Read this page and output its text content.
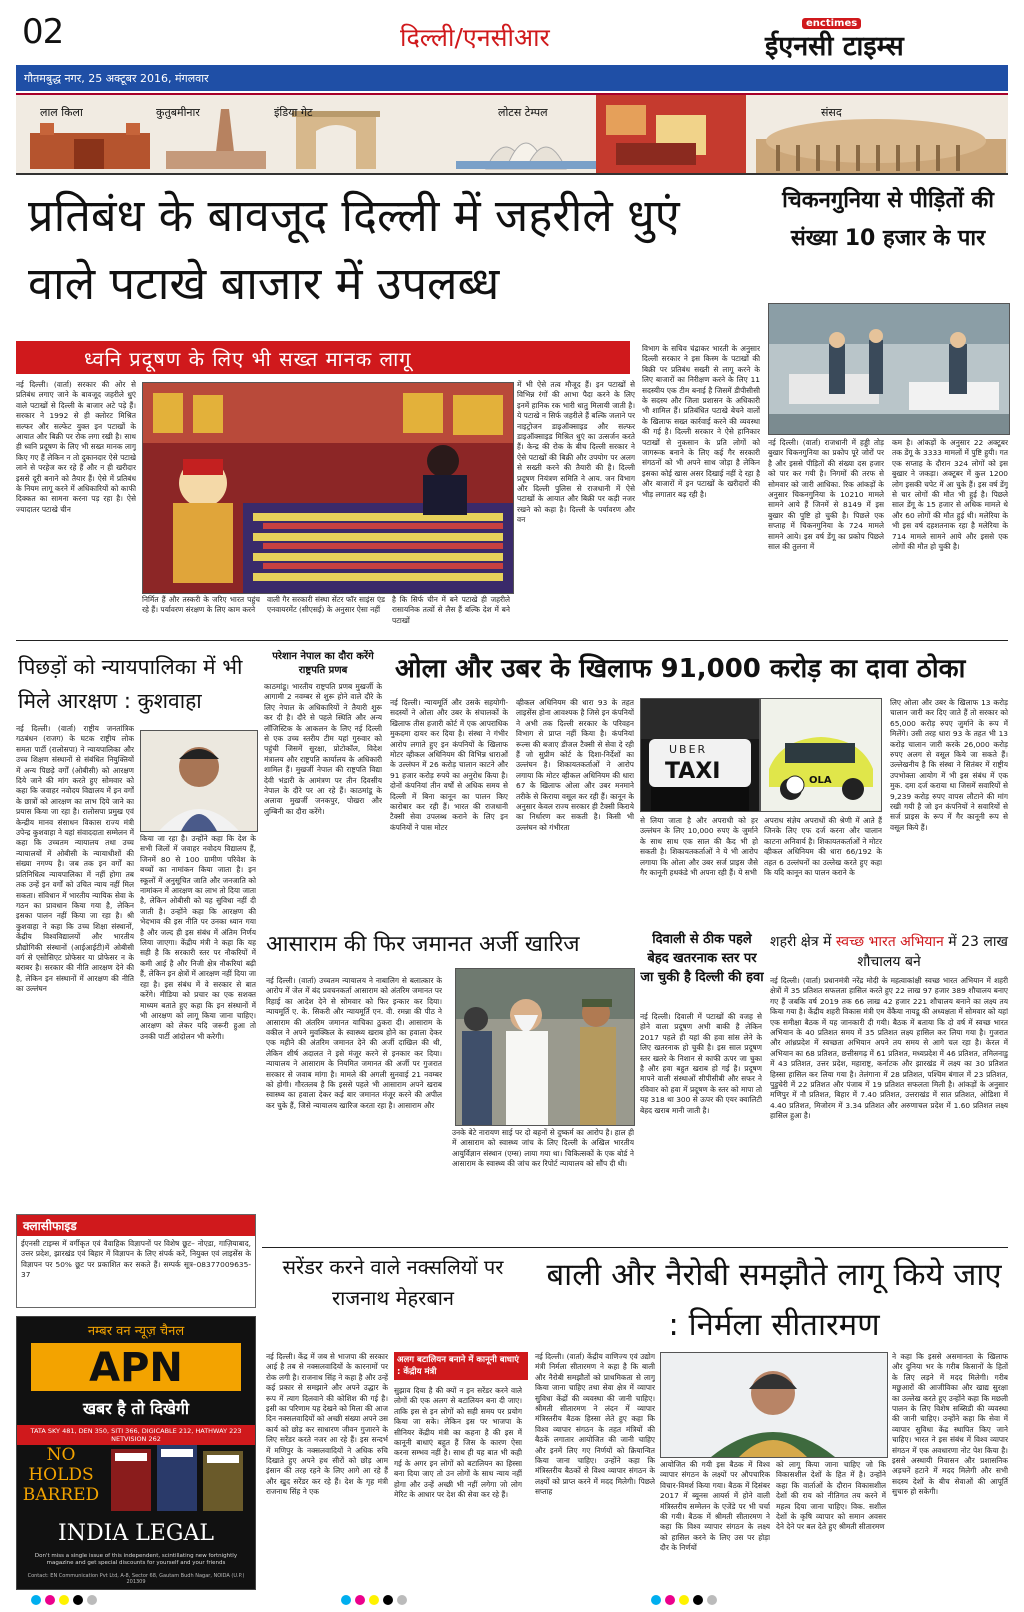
02	दिल्ली/एनसीआर	enctimes
ईएनसी टाइम्स
गौतमबुद्ध नगर, 25 अक्टूबर 2016, मंगलवार
लाल किला	कुतुबमीनार	इंडिया गेट	लोटस टेम्पल	संसद
प्रतिबंध के बावजूद दिल्ली में जहरीले धुएं वाले पटाखे बाजार में उपलब्ध
ध्वनि प्रदूषण के लिए भी सख्त मानक लागू
नई दिल्ली। (वार्ता) सरकार की ओर से प्रतिबंध लगाए जाने के बावजूद जहरीले धुएं वाले पटाखों से दिल्ली के बाजार अटे पड़े हैं। सरकार ने 1992 से ही क्लोरट मिश्रित सल्फर और सल्फेट युक्त इन पटाखों के आयात और बिक्री पर रोक लगा रखी है। साथ ही ध्वनि प्रदूषण के लिए भी सख्त मानक लागू किए गए हैं लेकिन न तो दुकानदार ऐसे पटाखे लाने से परहेज कर रहे हैं और न ही खरीदार इससे दूरी बनाने को तैयार हैं। ऐसे में प्रतिबंध के नियम लागू करने में अधिकारियों को काफी दिक्कत का सामना करना पड़ रहा है। ऐसे ज्यादातर पटाखे चीन
निर्मित हैं और तस्करी के जरिए भारत पहुंच रहे हैं। पर्यावरण संरक्षण के लिए काम करने
वाली गैर सरकारी संस्था सेंटर फॉर साइंस एंड एनवायरमेंट (सीएसई) के अनुसार ऐसा नहीं
है कि सिर्फ चीन में बने पटाखे ही जहरीले रासायनिक तत्वों से लैस हैं बल्कि देश में बने पटाखों
में भी ऐसे तत्व मौजूद हैं। इन पटाखों से विभिन्न रंगों की आभा पैदा करने के लिए इनमें हानिक रक भारी धातु मिलायी जाती है। ये पटाखे न सिर्फ जहरीले हैं बल्कि जलाने पर नाइट्रोजन डाइऑक्साइड और सल्फर डाइऑक्साइड मिश्रित धुएं का उत्सर्जन करते हैं। केन्द्र की रोक के बीच दिल्ली सरकार ने ऐसे पटाखों की बिक्री और उपयोग पर अलग से सख्ती करने की तैयारी की है। दिल्ली प्रदूषण नियंत्रण समिति ने आय. जन विभाग और दिल्ली पुलिस से राजधानी में ऐसे पटाखों के आयात और बिक्री पर कड़ी नजर रखने को कहा है। दिल्ली के पर्यावरण और वन
विभाग के सचिव चंद्राकर भारती के अनुसार दिल्ली सरकार ने इस किस्म के पटाखों की बिक्री पर प्रतिबंध सख्ती से लागू करने के लिए बाजारों का निरीक्षण करने के लिए 11 सदस्यीय एक टीम बनाई है जिसमें डीपीसीसी के सदस्य और जिला प्रशासन के अधिकारी भी शामिल हैं। प्रतिबंधित पटाखे बेचने वालों के खिलाफ सख्त कार्रवाई करने की व्यवस्था की गई है। दिल्ली सरकार ने ऐसे हानिकार पटाखों से नुकसान के प्रति लोगों को जागरूक बनाने के लिए कई गैर सरकारी संगठनों को भी अपने साथ जोड़ा है लेकिन इसका कोई खास असर दिखाई नहीं दे रहा है और बाजारों में इन पटाखों के खरीदारों की भीड़ लगातार बढ़ रही है।
चिकनगुनिया से पीड़ितों की संख्या 10 हजार के पार
नई दिल्ली। (वार्ता) राजधानी में हड्डी तोड़ बुखार चिकनगुनिया का प्रकोप पूरे जोरों पर है और इससे पीड़ितों की संख्या दस हजार को पार कर गयी है। निगमों की तरफ से सोमवार को जारी आधिका. रिक आंकड़ों के अनुसार चिकनगुनिया के 10210 मामले सामने आये हैं जिनमें से 8149 में इस बुखार की पुष्टि हो चुकी है। पिछले एक सप्ताह में चिकनगुनिया के 724 मामले सामने आये। इस वर्ष डेंगू का प्रकोप पिछले साल की तुलना में
कम है। आंकड़ों के अनुसार 22 अक्टूबर तक डेंगू के 3333 मामलों में पुष्टि हुयी। गत एक सप्ताह के दौरान 324 लोगों को इस बुखार ने जकड़ा। अक्टूबर में कुल 1200 लोग इसकी चपेट में आ चुके हैं। इस वर्ष डेंगू से चार लोगों की मौत भी हुई है। पिछले साल डेंगू के 15 हजार से अधिक मामले थे और 60 लोगों की मौत हुई थी। मलेरिया के भी इस वर्ष दहशतनाक रहा है मलेरिया के 714 मामले सामने आये और इससे एक लोगों की मौत हो चुकी है।
पिछड़ों को न्यायपालिका में भी मिले आरक्षण : कुशवाहा
नई दिल्ली। (वार्ता) राष्ट्रीय जनतांत्रिक गठबंधन (राजग) के घटक राष्ट्रीय लोक समता पार्टी (रालोसपा) ने न्यायपालिका और उच्च शिक्षण संस्थानों से संबंधित नियुक्तियों में अन्य पिछड़े वर्गों (ओबीसी) को आरक्षण दिये जाने की मांग करते हुए सोमवार को कहा कि जवाहर नवोदय विद्यालय में इन वर्गों के छात्रों को आरक्षण का लाभ दिये जाने का प्रयास किया जा रहा है। रालोसपा प्रमुख एवं केन्द्रीय मानव संसाधन विकास राज्य मंत्री उपेन्द्र कुशवाहा ने यहां संवाददाता सम्मेलन में कहा कि उच्चतम न्यायालय तथा उच्च न्यायालयों में ओबीसी के न्यायाधीशों की संख्या नगण्य है। जब तक इन वर्गों का प्रतिनिधित्व न्यायपालिका में नहीं होगा तब तक उन्हें इन वर्गों को उचित न्याय नहीं मिल सकता। संविधान में भारतीय न्यायिक सेवा के गठन का प्रावधान किया गया है, लेकिन इसका पालन नहीं किया जा रहा है। श्री कुशवाहा ने कहा कि उच्च शिक्षा संस्थानों, केंद्रीय विश्वविद्यालयों और भारतीय प्रौद्योगिकी संस्थानों (आईआईटी)में ओबीसी वर्ग से एसोसिएट प्रोफेसर या प्रोफेसर न के बराबर है। सरकार की नीति आरक्षण देने की है, लेकिन इन संस्थानों में आरक्षण की नीति का उल्लंघन
किया जा रहा है। उन्होंने कहा कि देश के सभी जिलों में जवाहर नवोदय विद्यालय हैं, जिनमें 80 से 100 ग्रामीण परिवेश के बच्चों का नामांकन किया जाता है। इन स्कूलों में अनुसूचित जाति और जनजाति को नामांकन में आरक्षण का लाभ तो दिया जाता है, लेकिन ओबीसी को यह सुविधा नहीं दी जाती है। उन्होंने कहा कि आरक्षण की भेदभाव की इस नीति पर उनका ध्यान गया है और जल्द ही इस संबंध में अंतिम निर्णय लिया जाएगा। केंद्रीय मंत्री ने कहा कि यह सही है कि सरकारी स्तर पर नौकरियों में कमी आई है और निजी क्षेत्र नौकरियां बढ़ी हैं, लेकिन इन क्षेत्रों में आरक्षण नहीं दिया जा रहा है। इस संबंध में वे सरकार से बात करेंगे। मीडिया को प्रचार का एक सशक्त माध्यम बताते हुए कहा कि इन संस्थानों में भी आरक्षण को लागू किया जाना चाहिए। आरक्षण को लेकर यदि जरूरी हुआ तो उनकी पार्टी आंदोलन भी करेगी।
परेशान नेपाल का दौरा करेंगे राष्ट्रपति प्रणब
काठमांडू। भारतीय राष्ट्रपति प्रणब मुखर्जी के आगामी 2 नवम्बर से शुरू होने वाले दौरे के लिए नेपाल के अधिकारियों ने तैयारी शुरू कर दी है। दौरे से पहले स्थिति और अन्य लॉजिस्टिक के आकलन के लिए नई दिल्ली से एक उच्च स्तरीय टीम यहां गुरुवार को पहुंची जिसमें सुरक्षा, प्रोटोकॉल, विदेश मंत्रालय और राष्ट्रपति कार्यालय के अधिकारी शामिल हैं। मुखर्जी नेपाल की राष्ट्रपति विद्या देवी भंडारी के आमंत्रण पर तीन दिवसीय नेपाल के दौरे पर आ रहे हैं। काठमांडू के अलावा मुखर्जी जनकपुर, पोखरा और लुम्बिनी का दौरा करेंगे।
ओला और उबर के खिलाफ 91,000 करोड़ का दावा ठोका
नई दिल्ली। न्यायमूर्ति और उसके सहयोगी-सदस्यों ने ओला और उबर के संचालकों के खिलाफ तीस हजारी कोर्ट में एक आपराधिक मुकदमा दायर कर दिया है। संस्था ने गंभीर आरोप लगाते हुए इन कंपनियों के खिलाफ मोटर व्हीकल अधिनियम की विभिन्न धाराओं के उल्लंघन में 26 करोड़ चालान काटने और 91 हजार करोड़ रुपये का अनुरोध किया है। दोनों कंपनियां तीन वर्षों से अधिक समय से दिल्ली में बिना कानून का पालन किए कारोबार कर रही हैं। भारत की राजधानी टैक्सी सेवा उपलब्ध कराने के लिए इन कंपनियों ने पास मोटर
व्हीकल अधिनियम की धारा 93 के तहत लाइसेंस होना आवश्यक है जिसे इन कंपनियों ने अभी तक दिल्ली सरकार के परिवहन विभाग से प्राप्त नहीं किया है। कंपनियां रूल्स की बजाए डीजल टैक्सी से सेवा दे रही हैं जो सुप्रीम कोर्ट के दिशा-निर्देशों का उल्लंघन है। शिकायतकर्ताओं ने आरोप लगाया कि मोटर व्हीकल अधिनियम की धारा 67 के खिलाफ ओला और उबर मनमाने तरीके से किराया वसूल कर रही हैं। कानून के अनुसार केवल राज्य सरकार ही टैक्सी किराये का निर्धारण कर सकती है। किसी भी उल्लंघन को गंभीरता
UBER
TAXI	OLA
से लिया जाता है और अपराधी को हर उल्लंघन के लिए 10,000 रुपए के जुर्माने के साथ साथ एक साल की कैद भी हो सकती है। शिकायतकर्ताओं ने ये भी आरोप लगाया कि ओला और उबर सर्ज प्राइस जैसे गैर कानूनी हथकंडे भी अपना रही हैं। ये सभी
अपराध संज्ञेय अपराधों की श्रेणी में आते हैं जिनके लिए एफ दर्ज करना और चालान काटना अनिवार्य है। शिकायतकर्ताओं ने मोटर व्हीकल अधिनियम की धारा 66/192 के तहत 6 उल्लंघनों का उल्लेख करते हुए कहा कि यदि कानून का पालन कराने के
लिए ओला और उबर के खिलाफ 13 करोड़ चालान जारी कर दिए जाते हैं तो सरकार को 65,000 करोड़ रुपए जुर्माने के रूप में मिलेंगे। उसी तरह धारा 93 के तहत भी 13 करोड़ चालान जारी करके 26,000 करोड़ रुपए अलग से वसूल किये जा सकते हैं। उल्लेखनीय है कि संस्था ने सितंबर में राष्ट्रीय उपभोक्ता आयोग में भी इस संबंध में एक मुक. दमा दर्ज कराया था जिसमें सवारियों से 9,239 करोड़ रुपए वापस लौटाने की मांग रखी गयी है जो इन कंपनियों ने सवारियों से सर्ज प्राइस के रूप में गैर कानूनी रूप से वसूल किये हैं।
आसाराम की फिर जमानत अर्जी खारिज
नई दिल्ली। (वार्ता) उच्चतम न्यायालय ने नाबालिग से बलात्कार के आरोप में जेल में बंद प्रवचनकर्ता आसाराम को अंतरिम जमानत पर रिहाई का आदेश देने से सोमवार को फिर इन्कार कर दिया। न्यायमूर्ति ए. के. सिकरी और न्यायमूर्ति एन. वी. रमन्ना की पीठ ने आसाराम की अंतरिम जमानत याचिका ठुकरा दी। आसाराम के वकील ने अपने मुवक्किल के स्वास्थ्य खराब होने का हवाला देकर एक महीने की अंतरिम जमानत देने की अर्जी दाखिल की थी, लेकिन शीर्ष अदालत ने इसे मंजूर करने से इनकार कर दिया। न्यायालय ने आसाराम के नियमित जमानत की अर्जी पर गुजरात सरकार से जवाब मांगा है। मामले की अगली सुनवाई 21 नवम्बर को होगी। गौरतलब है कि इससे पहले भी आसाराम अपने खराब स्वास्थ्य का हवाला देकर कई बार जमानत मंजूर करने की अपील कर चुके हैं, जिसे न्यायालय खारिज करता रहा है। आसाराम और
उनके बेटे नारायण साई पर दो बहनों से दुष्कर्म का आरोप है। हाल ही में आसाराम को स्वास्थ्य जांच के लिए दिल्ली के अखिल भारतीय आयुर्विज्ञान संस्थान (एम्स) लाया गया था। चिकित्सकों के एक बोर्ड ने आसाराम के स्वास्थ्य की जांच कर रिपोर्ट न्यायालय को सौंप दी थी।
दिवाली से ठीक पहले बेहद खतरनाक स्तर पर जा चुकी है दिल्ली की हवा
नई दिल्ली। दिवाली में पटाखों की वजह से होने वाला प्रदूषण अभी बाकी है लेकिन 2017 पहले ही यहां की हवा सांस लेने के लिए खतरनाक हो चुकी है। इस साल प्रदूषण स्तर खतरे के निशान से काफी ऊपर जा चुका है और हवा बहुत खराब हो गई है। प्रदूषण मापने वाली संस्थाओं सीपीसीबी और सफर ने रविवार को हवा में प्रदूषण के स्तर को मापा तो यह 318 था 300 से ऊपर की एयर क्वालिटी बेहद खराब मानी जाती है।
शहरी क्षेत्र में स्वच्छ भारत अभियान में 23 लाख शौचालय बने
नई दिल्ली। (वार्ता) प्रधानमंत्री नरेंद्र मोदी के महत्वाकांक्षी स्वच्छ भारत अभियान में शहरी क्षेत्रों में 35 प्रतिशत सफलता हासिल करते हुए 22 लाख 97 हजार 389 शौचालय बनाए गए हैं जबकि वर्ष 2019 तक 66 लाख 42 हजार 221 शौचालय बनाने का लक्ष्य तय किया गया है। केंद्रीय शहरी विकास मंत्री एम वेंकैया नायडू की अध्यक्षता में सोमवार को यहां एक समीक्षा बैठक में यह जानकारी दी गयी। बैठक में बताया कि दो वर्ष में स्वच्छ भारत अभियान के 40 प्रतिशत समय में 35 प्रतिशत लक्ष्य हासिल कर लिया गया है। गुजरात और आंध्रप्रदेश में स्वच्छता अभियान अपने तय समय से आगे चल रहा है। केरल में अभियान का 68 प्रतिशत, छत्तीसगढ़ में 61 प्रतिशत, मध्यप्रदेश में 46 प्रतिशत, तमिलनाडु में 43 प्रतिशत, उत्तर प्रदेश, महाराष्ट्र, कर्नाटक और झारखंड में लक्ष्य का 30 प्रतिशत हिस्सा हासिल कर लिया गया है। तेलंगाना में 28 प्रतिशत, पश्चिम बंगाल में 23 प्रतिशत, पुडुचेरी में 22 प्रतिशत और पंजाब में 19 प्रतिशत सफलता मिली है। आंकड़ों के अनुसार मणिपुर में नौ प्रतिशत, बिहार में 7.40 प्रतिशत, उत्तराखंड में सात प्रतिशत, ओडिशा में 4.40 प्रतिशत, मिजोरम में 3.34 प्रतिशत और अरुणाचल प्रदेश में 1.60 प्रतिशत लक्ष्य हासिल हुआ है।
क्लासीफाइड
ईएनसी टाइम्स में वर्गीकृत एवं वैवाहिक विज्ञापनों पर विशेष छूट– नोएडा, गाज़ियाबाद, उत्तर प्रदेश, झारखंड एवं बिहार में विज्ञापन के लिए संपर्क करें, नियुक्त एवं लाइसेंस के विज्ञापन पर 50% छूट पर प्रकाशित कर सकते हैं। सम्पर्क सूत्र–08377009635-37
नम्बर वन न्यूज़ चैनल
APN
खबर है तो दिखेगी
TATA SKY 481, DEN 350, SITI 366, DIGICABLE 212, HATHWAY 223 NETVISION 262
NO HOLDS BARRED
INDIA LEGAL
Don't miss a single issue of this independent, scintillating new fortnightly magazine and get special discounts for yourself and your friends
Contact: EN Communication Pvt Ltd, A-8, Sector 68, Gautam Budh Nagar, NOIDA (U.P.) 201309
सरेंडर करने वाले नक्सलियों पर राजनाथ मेहरबान
नई दिल्ली। केंद्र में जब से भाजपा की सरकार आई है तब से नक्सलवादियों के कारनामों पर रोक लगी है। राजनाथ सिंह ने कहा है और उन्हें कई प्रकार से समझाने और अपने उद्धार के रूप में त्याग दिलवाने की कोशिश की गई है। इसी का परिणाम यह देखने को मिला की आज दिन नक्सलवादियों को अच्छी संख्या अपने उस कार्य को छोड़ कर साधारण जीवन गुजारने के लिए सरेंडर करते नजर आ रहे हैं। इस सन्दर्भ में मणिपुर के नक्सलवादियों ने अधिक रुचि दिखाते हुए अपने हथ सीरों को छोड़ आम इंसान की तरह रहने के लिए आगे आ रहे हैं और खुद सरेंडर कर रहे हैं। देश के गृह मंत्री राजनाथ सिंह ने एक
अलग बटालियन बनाने में कानूनी बाधाएं : केंद्रीय मंत्री
सुझाव दिया है की क्यों न इन सरेंडर करने वाले लोगों की एक अलग से बटालियन बना दी जाए। ताकि इस से इन लोगों को सही समय पर प्रयोग किया जा सके। लेकिन इस पर भाजपा के सीनियर केंद्रीय मंत्री का कहना है की इस में कानूनी बाधाएं बहुत हैं जिस के कारण ऐसा करना सम्भव नहीं है। साथ ही यह बात भी कही गई के अगर इन लोगों को बटालियन का हिस्सा बना दिया जाए तो उन लोगों के साथ न्याय नहीं होगा और उन्हें अच्छी भी नहीं लगेगा जो लोग मेरिट के आधार पर देश की सेवा कर रहे हैं।
बाली और नैरोबी समझौते लागू किये जाए : निर्मला सीतारमण
नई दिल्ली। (वार्ता) केंद्रीय वाणिज्य एवं उद्योग मंत्री निर्मला सीतारमण ने कहा है कि बाली और नैरोबी समझौतों को प्राथमिकता से लागू किया जाना चाहिए तथा सेवा क्षेत्र में व्यापार सुविधा केंद्रों की व्यवस्था की जानी चाहिए। श्रीमती सीतारमण ने लंदन में व्यापार मंत्रिस्तरीय बैठक हिस्सा लेते हुए कहा कि विश्व व्यापार संगठन के तहत मंत्रियों की बैठकें लगातार आयोजित की जानी चाहिए और इनमें लिए गए निर्णयों को क्रियान्वित किया जाना चाहिए। उन्होंने कहा कि मंत्रिस्तरीय बैठकों से विश्व व्यापार संगठन के लक्ष्यों को प्राप्त करने में मदद मिलेगी। पिछले सप्ताह
आयोजित की गयी इस बैठक में विश्व व्यापार संगठन के लक्ष्यों पर औपचारिक विचार-विमर्श किया गया। बैठक में दिसंबर 2017 में ब्यूनस आयर्स में होने वाली मंत्रिस्तरीय सम्मेलन के एजेंडे पर भी चर्चा की गयी। बैठक में श्रीमती सीतारमण ने कहा कि विश्व व्यापार संगठन के लक्ष्य को हासिल करने के लिए उस पर होड़ा दौर के निर्णयों
को लागू किया जाना चाहिए जो कि विकासशील देशों के हित में है। उन्होंने कहा कि वार्ताओं के दौरान विकासशील देशों की राय को नीतिगत तय करने में महत्व दिया जाना चाहिए। विक. सशील देशों के कृषि व्यापार को समान अवसर देने देने पर बल देते हुए श्रीमती सीतारमण
ने कहा कि इससे असमानता के खिलाफ और दुनिया भर के गरीब किसानों के हितों के लिए लड़ने में मदद मिलेगी। गरीब मछुआरों की आजीविका और खाद्य सुरक्षा का उल्लेख करते हुए उन्होंने कहा कि मछली पालन के लिए विशेष सब्सिडी की व्यवस्था की जानी चाहिए। उन्होंने कहा कि सेवा में व्यापार सुविधा केंद्र स्थापित किए जाने चाहिए। भारत ने इस संबंध में विश्व व्यापार संगठन में एक अवधारणा नोट पेश किया है। इससे अस्थायी निवासन और प्रशासनिक अड़चनें हटाने में मदद मिलेगी और सभी सदस्य देशों के बीच सेवाओं की आपूर्ति सुचारु हो सकेगी।
